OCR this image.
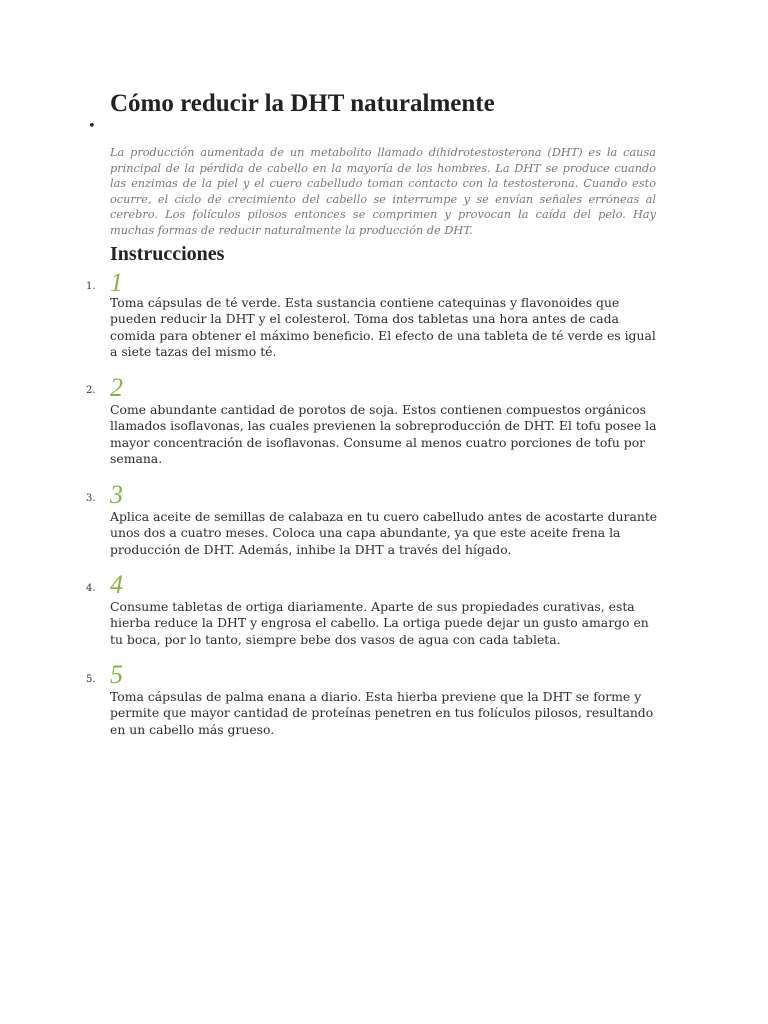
Cómo reducir la DHT naturalmente
•

La producción aumentada de un metabolito llamado dihidrotestosterona (DHT) es la causa principal de la pérdida de cabello en la mayoría de los hombres. La DHT se produce cuando las enzimas de la piel y el cuero cabelludo toman contacto con la testosterona. Cuando esto ocurre, el ciclo de crecimiento del cabello se interrumpe y se envían señales erróneas al cerebro. Los folículos pilosos entonces se comprimen y provocan la caída del pelo. Hay muchas formas de reducir naturalmente la producción de DHT.

Instrucciones
1. 1

Toma cápsulas de té verde. Esta sustancia contiene catequinas y flavonoides que pueden reducir la DHT y el colesterol. Toma dos tabletas una hora antes de cada comida para obtener el máximo beneficio. El efecto de una tableta de té verde es igual a siete tazas del mismo té.

2. 2

Come abundante cantidad de porotos de soja. Estos contienen compuestos orgánicos llamados isoflavonas, las cuales previenen la sobreproducción de DHT. El tofu posee la mayor concentración de isoflavonas. Consume al menos cuatro porciones de tofu por semana.

3. 3

Aplica aceite de semillas de calabaza en tu cuero cabelludo antes de acostarte durante unos dos a cuatro meses. Coloca una capa abundante, ya que este aceite frena la producción de DHT. Además, inhibe la DHT a través del hígado.

4. 4

Consume tabletas de ortiga diariamente. Aparte de sus propiedades curativas, esta hierba reduce la DHT y engrosa el cabello. La ortiga puede dejar un gusto amargo en tu boca, por lo tanto, siempre bebe dos vasos de agua con cada tableta.

5. 5

Toma cápsulas de palma enana a diario. Esta hierba previene que la DHT se forme y permite que mayor cantidad de proteínas penetren en tus folículos pilosos, resultando en un cabello más grueso.
